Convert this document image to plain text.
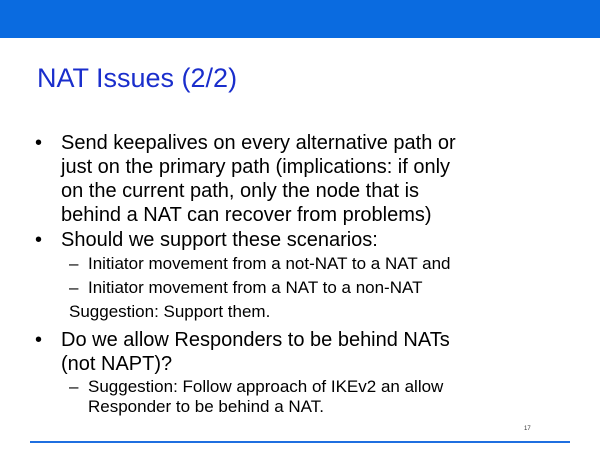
NAT Issues (2/2)
• Send keepalives on every alternative path or
just on the primary path (implications: if only
on the current path, only the node that is
behind a NAT can recover from problems)
• Should we support these scenarios:
– Initiator movement from a not-NAT to a NAT and
– Initiator movement from a NAT to a non-NAT
Suggestion: Support them.
• Do we allow Responders to be behind NATs
(not NAPT)?
– Suggestion: Follow approach of IKEv2 an allow
Responder to be behind a NAT.
17
